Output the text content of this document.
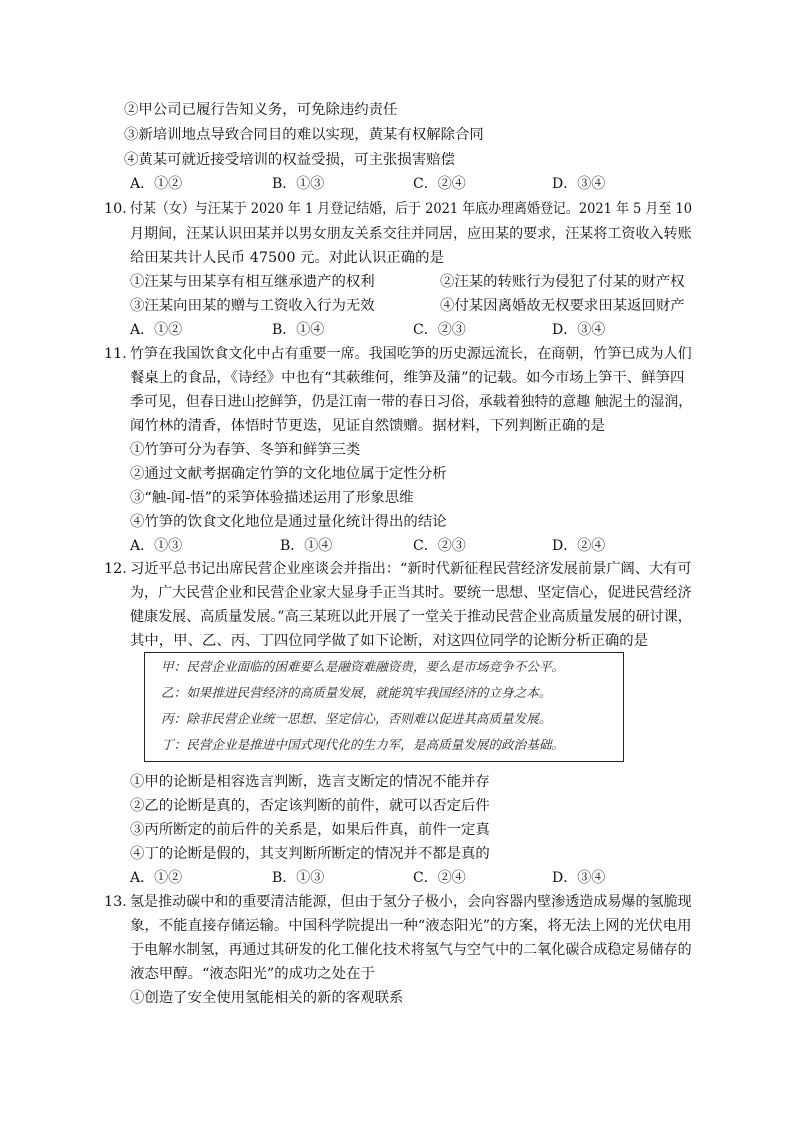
②甲公司已履行告知义务，可免除违约责任
③新培训地点导致合同目的难以实现，黄某有权解除合同
④黄某可就近接受培训的权益受损，可主张损害赔偿
A．①②	B．①③	C．②④	D．③④
10．
付某（女）与汪某于 2020 年 1 月登记结婚，后于 2021 年底办理离婚登记。2021 年 5 月至 10
月期间，汪某认识田某并以男女朋友关系交往并同居，应田某的要求，汪某将工资收入转账
给田某共计人民币 47500 元。对此认识正确的是
①汪某与田某享有相互继承遗产的权利	②汪某的转账行为侵犯了付某的财产权
③汪某向田某的赠与工资收入行为无效	④付某因离婚故无权要求田某返回财产
A．①②	B．①④	C．②③	D．③④
11．
竹笋在我国饮食文化中占有重要一席。我国吃笋的历史源远流长，在商朝，竹笋已成为人们
餐桌上的食品，《诗经》中也有“其蔌维何，维笋及蒲”的记载。如今市场上笋干、鲜笋四
季可见，但春日进山挖鲜笋，仍是江南一带的春日习俗，承载着独特的意趣 触泥土的湿润，
闻竹林的清香，体悟时节更迭，见证自然馈赠。据材料，下列判断正确的是
①竹笋可分为春笋、冬笋和鲜笋三类
②通过文献考据确定竹笋的文化地位属于定性分析
③“触-闻-悟”的采笋体验描述运用了形象思维
④竹笋的饮食文化地位是通过量化统计得出的结论
A．①③	B．①④	C．②③	D．②④
12．
习近平总书记出席民营企业座谈会并指出：“新时代新征程民营经济发展前景广阔、大有可
为，广大民营企业和民营企业家大显身手正当其时。要统一思想、坚定信心，促进民营经济
健康发展、高质量发展。”高三某班以此开展了一堂关于推动民营企业高质量发展的研讨课，
其中，甲、乙、丙、丁四位同学做了如下论断，对这四位同学的论断分析正确的是
甲：民营企业面临的困难要么是融资难融资贵，要么是市场竞争不公平。
乙：如果推进民营经济的高质量发展，就能筑牢我国经济的立身之本。
丙：除非民营企业统一思想、坚定信心，否则难以促进其高质量发展。
丁：民营企业是推进中国式现代化的生力军，是高质量发展的政治基础。
①甲的论断是相容选言判断，选言支断定的情况不能并存
②乙的论断是真的，否定该判断的前件，就可以否定后件
③丙所断定的前后件的关系是，如果后件真，前件一定真
④丁的论断是假的，其支判断所断定的情况并不都是真的
A．①②	B．①③	C．②④	D．③④
13．
氢是推动碳中和的重要清洁能源，但由于氢分子极小，会向容器内壁渗透造成易爆的氢脆现
象，不能直接存储运输。中国科学院提出一种“液态阳光”的方案，将无法上网的光伏电用
于电解水制氢，再通过其研发的化工催化技术将氢气与空气中的二氧化碳合成稳定易储存的
液态甲醇。“液态阳光”的成功之处在于
①创造了安全使用氢能相关的新的客观联系
